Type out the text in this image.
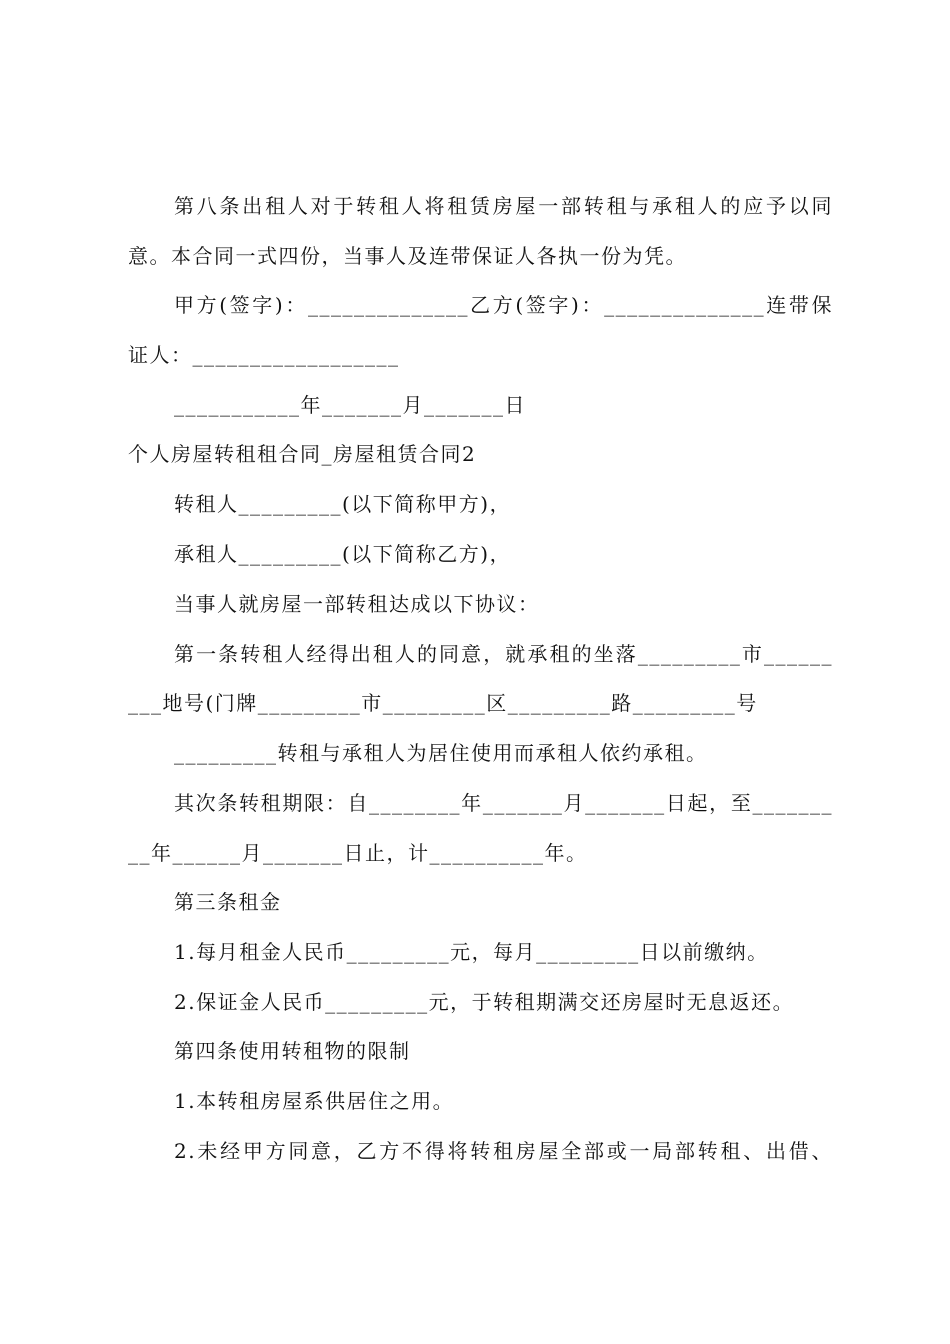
第八条出租人对于转租人将租赁房屋一部转租与承租人的应予以同
意。本合同一式四份，当事人及连带保证人各执一份为凭。
甲方(签字)：______________乙方(签字)：______________连带保
证人：__________________
___________年_______月_______日
个人房屋转租租合同_房屋租赁合同2
转租人_________(以下简称甲方)，
承租人_________(以下简称乙方)，
当事人就房屋一部转租达成以下协议：
第一条转租人经得出租人的同意，就承租的坐落_________市______
___地号(门牌_________市_________区_________路_________号
_________转租与承租人为居住使用而承租人依约承租。
其次条转租期限：自________年_______月_______日起，至_______
__年______月_______日止，计__________年。
第三条租金
1.每月租金人民币_________元，每月_________日以前缴纳。
2.保证金人民币_________元，于转租期满交还房屋时无息返还。
第四条使用转租物的限制
1.本转租房屋系供居住之用。
2.未经甲方同意，乙方不得将转租房屋全部或一局部转租、出借、
